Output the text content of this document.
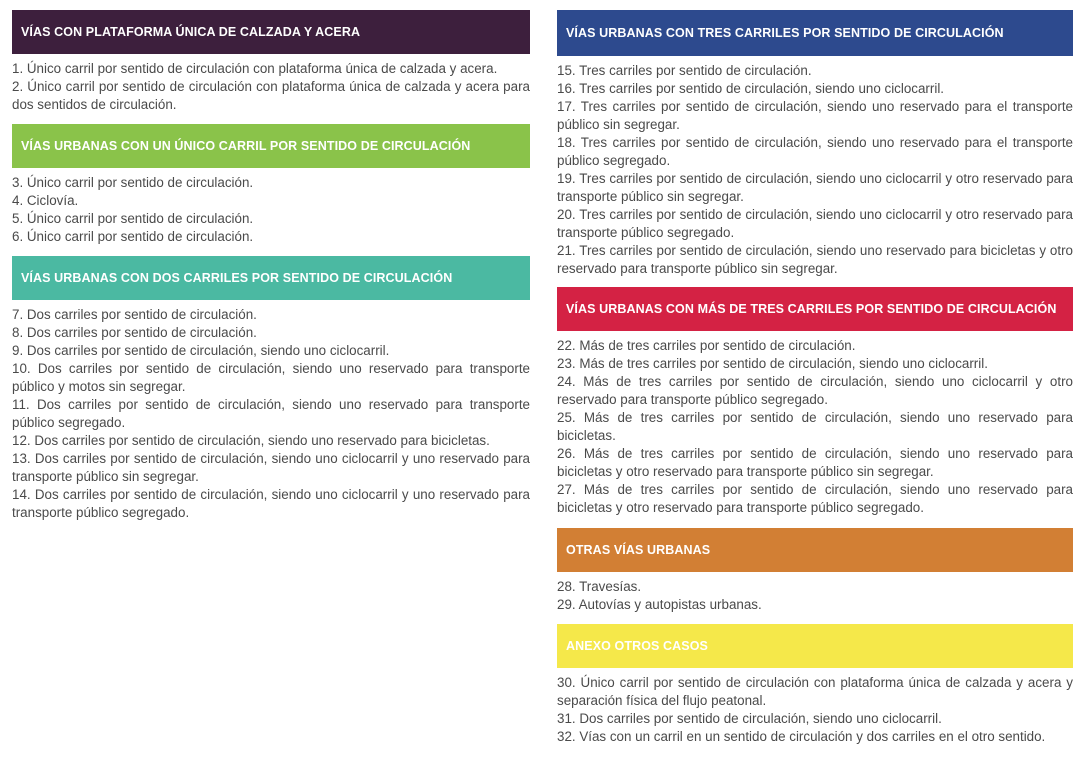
VÍAS CON PLATAFORMA ÚNICA DE CALZADA Y ACERA
1. Único carril por sentido de circulación con plataforma única de calzada y acera.
2. Único carril por sentido de circulación con plataforma única de calzada y acera para dos sentidos de circulación.
VÍAS URBANAS CON UN ÚNICO CARRIL POR SENTIDO DE CIRCULACIÓN
3. Único carril por sentido de circulación.
4. Ciclovía.
5. Único carril por sentido de circulación.
6. Único carril por sentido de circulación.
VÍAS URBANAS CON DOS CARRILES POR SENTIDO DE CIRCULACIÓN
7. Dos carriles por sentido de circulación.
8. Dos carriles por sentido de circulación.
9. Dos carriles por sentido de circulación, siendo uno ciclocarril.
10. Dos carriles por sentido de circulación, siendo uno reservado para transporte público y motos sin segregar.
11. Dos carriles por sentido de circulación, siendo uno reservado para transporte público segregado.
12. Dos carriles por sentido de circulación, siendo uno reservado para bicicletas.
13. Dos carriles por sentido de circulación, siendo uno ciclocarril y uno reservado para transporte público sin segregar.
14. Dos carriles por sentido de circulación, siendo uno ciclocarril y uno reservado para transporte público segregado.
VÍAS URBANAS CON TRES CARRILES POR SENTIDO DE CIRCULACIÓN
15. Tres carriles por sentido de circulación.
16. Tres carriles por sentido de circulación, siendo uno ciclocarril.
17. Tres carriles por sentido de circulación, siendo uno reservado para el transporte público sin segregar.
18. Tres carriles por sentido de circulación, siendo uno reservado para el transporte público segregado.
19. Tres carriles por sentido de circulación, siendo uno ciclocarril y otro reservado para transporte público sin segregar.
20. Tres carriles por sentido de circulación, siendo uno ciclocarril y otro reservado para transporte público segregado.
21. Tres carriles por sentido de circulación, siendo uno reservado para bicicletas y otro reservado para transporte público sin segregar.
VÍAS URBANAS CON MÁS DE TRES CARRILES POR SENTIDO DE CIRCULACIÓN
22. Más de tres carriles por sentido de circulación.
23. Más de tres carriles por sentido de circulación, siendo uno ciclocarril.
24. Más de tres carriles por sentido de circulación, siendo uno ciclocarril y otro reservado para transporte público segregado.
25. Más de tres carriles por sentido de circulación, siendo uno reservado para bicicletas.
26. Más de tres carriles por sentido de circulación, siendo uno reservado para bicicletas y otro reservado para transporte público sin segregar.
27. Más de tres carriles por sentido de circulación, siendo uno reservado para bicicletas y otro reservado para transporte público segregado.
OTRAS VÍAS URBANAS
28. Travesías.
29. Autovías y autopistas urbanas.
ANEXO OTROS CASOS
30. Único carril por sentido de circulación con plataforma única de calzada y acera y separación física del flujo peatonal.
31. Dos carriles por sentido de circulación, siendo uno ciclocarril.
32. Vías con un carril en un sentido de circulación y dos carriles en el otro sentido.
